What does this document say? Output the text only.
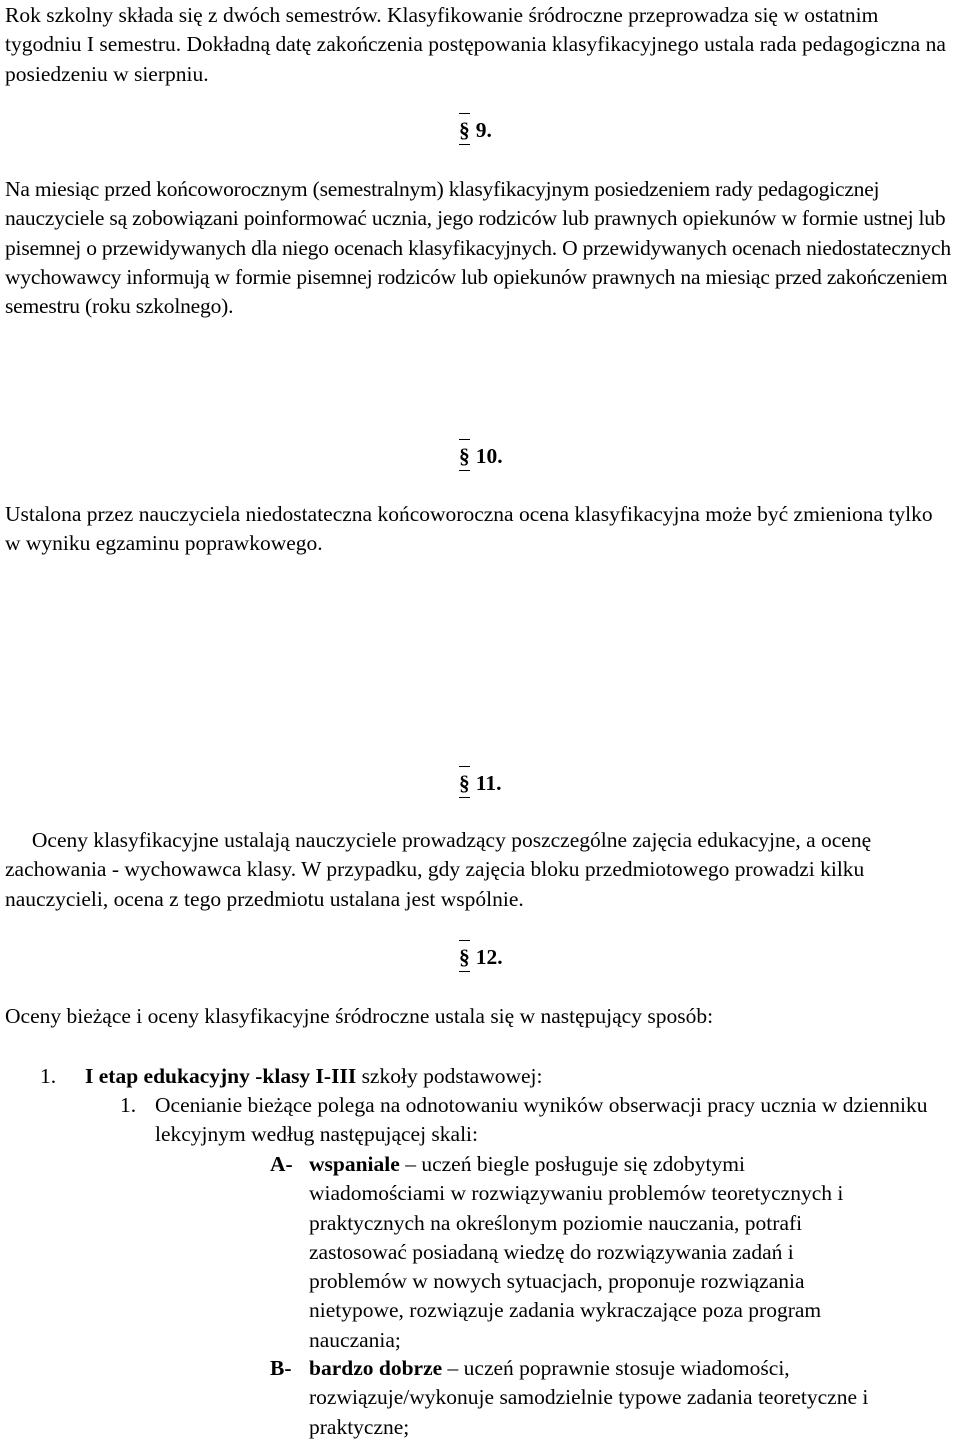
Rok szkolny składa się z dwóch semestrów. Klasyfikowanie śródroczne przeprowadza się w ostatnim tygodniu I semestru. Dokładną datę zakończenia postępowania klasyfikacyjnego ustala rada pedagogiczna na posiedzeniu w sierpniu.

§ 9.

Na miesiąc przed końcoworocznym (semestralnym) klasyfikacyjnym posiedzeniem rady pedagogicznej nauczyciele są zobowiązani poinformować ucznia, jego rodziców lub prawnych opiekunów w formie ustnej lub pisemnej o przewidywanych dla niego ocenach klasyfikacyjnych. O przewidywanych ocenach niedostatecznych wychowawcy informują w formie pisemnej rodziców lub opiekunów prawnych na miesiąc przed zakończeniem semestru (roku szkolnego).

§ 10.

Ustalona przez nauczyciela niedostateczna końcoworoczna ocena klasyfikacyjna może być zmieniona tylko w wyniku egzaminu poprawkowego.

§ 11.

Oceny klasyfikacyjne ustalają nauczyciele prowadzący poszczególne zajęcia edukacyjne, a ocenę zachowania - wychowawca klasy. W przypadku, gdy zajęcia bloku przedmiotowego prowadzi kilku nauczycieli, ocena z tego przedmiotu ustalana jest wspólnie.

§ 12.

Oceny bieżące i oceny klasyfikacyjne śródroczne ustala się w następujący sposób:

1. I etap edukacyjny -klasy I-III szkoły podstawowej:

1. Ocenianie bieżące polega na odnotowaniu wyników obserwacji pracy ucznia w dzienniku lekcyjnym według następującej skali:

A- wspaniale – uczeń biegle posługuje się zdobytymi wiadomościami w rozwiązywaniu problemów teoretycznych i praktycznych na określonym poziomie nauczania, potrafi zastosować posiadaną wiedzę do rozwiązywania zadań i problemów w nowych sytuacjach, proponuje rozwiązania nietypowe, rozwiązuje zadania wykraczające poza program nauczania;

B- bardzo dobrze – uczeń poprawnie stosuje wiadomości, rozwiązuje/wykonuje samodzielnie typowe zadania teoretyczne i praktyczne;
